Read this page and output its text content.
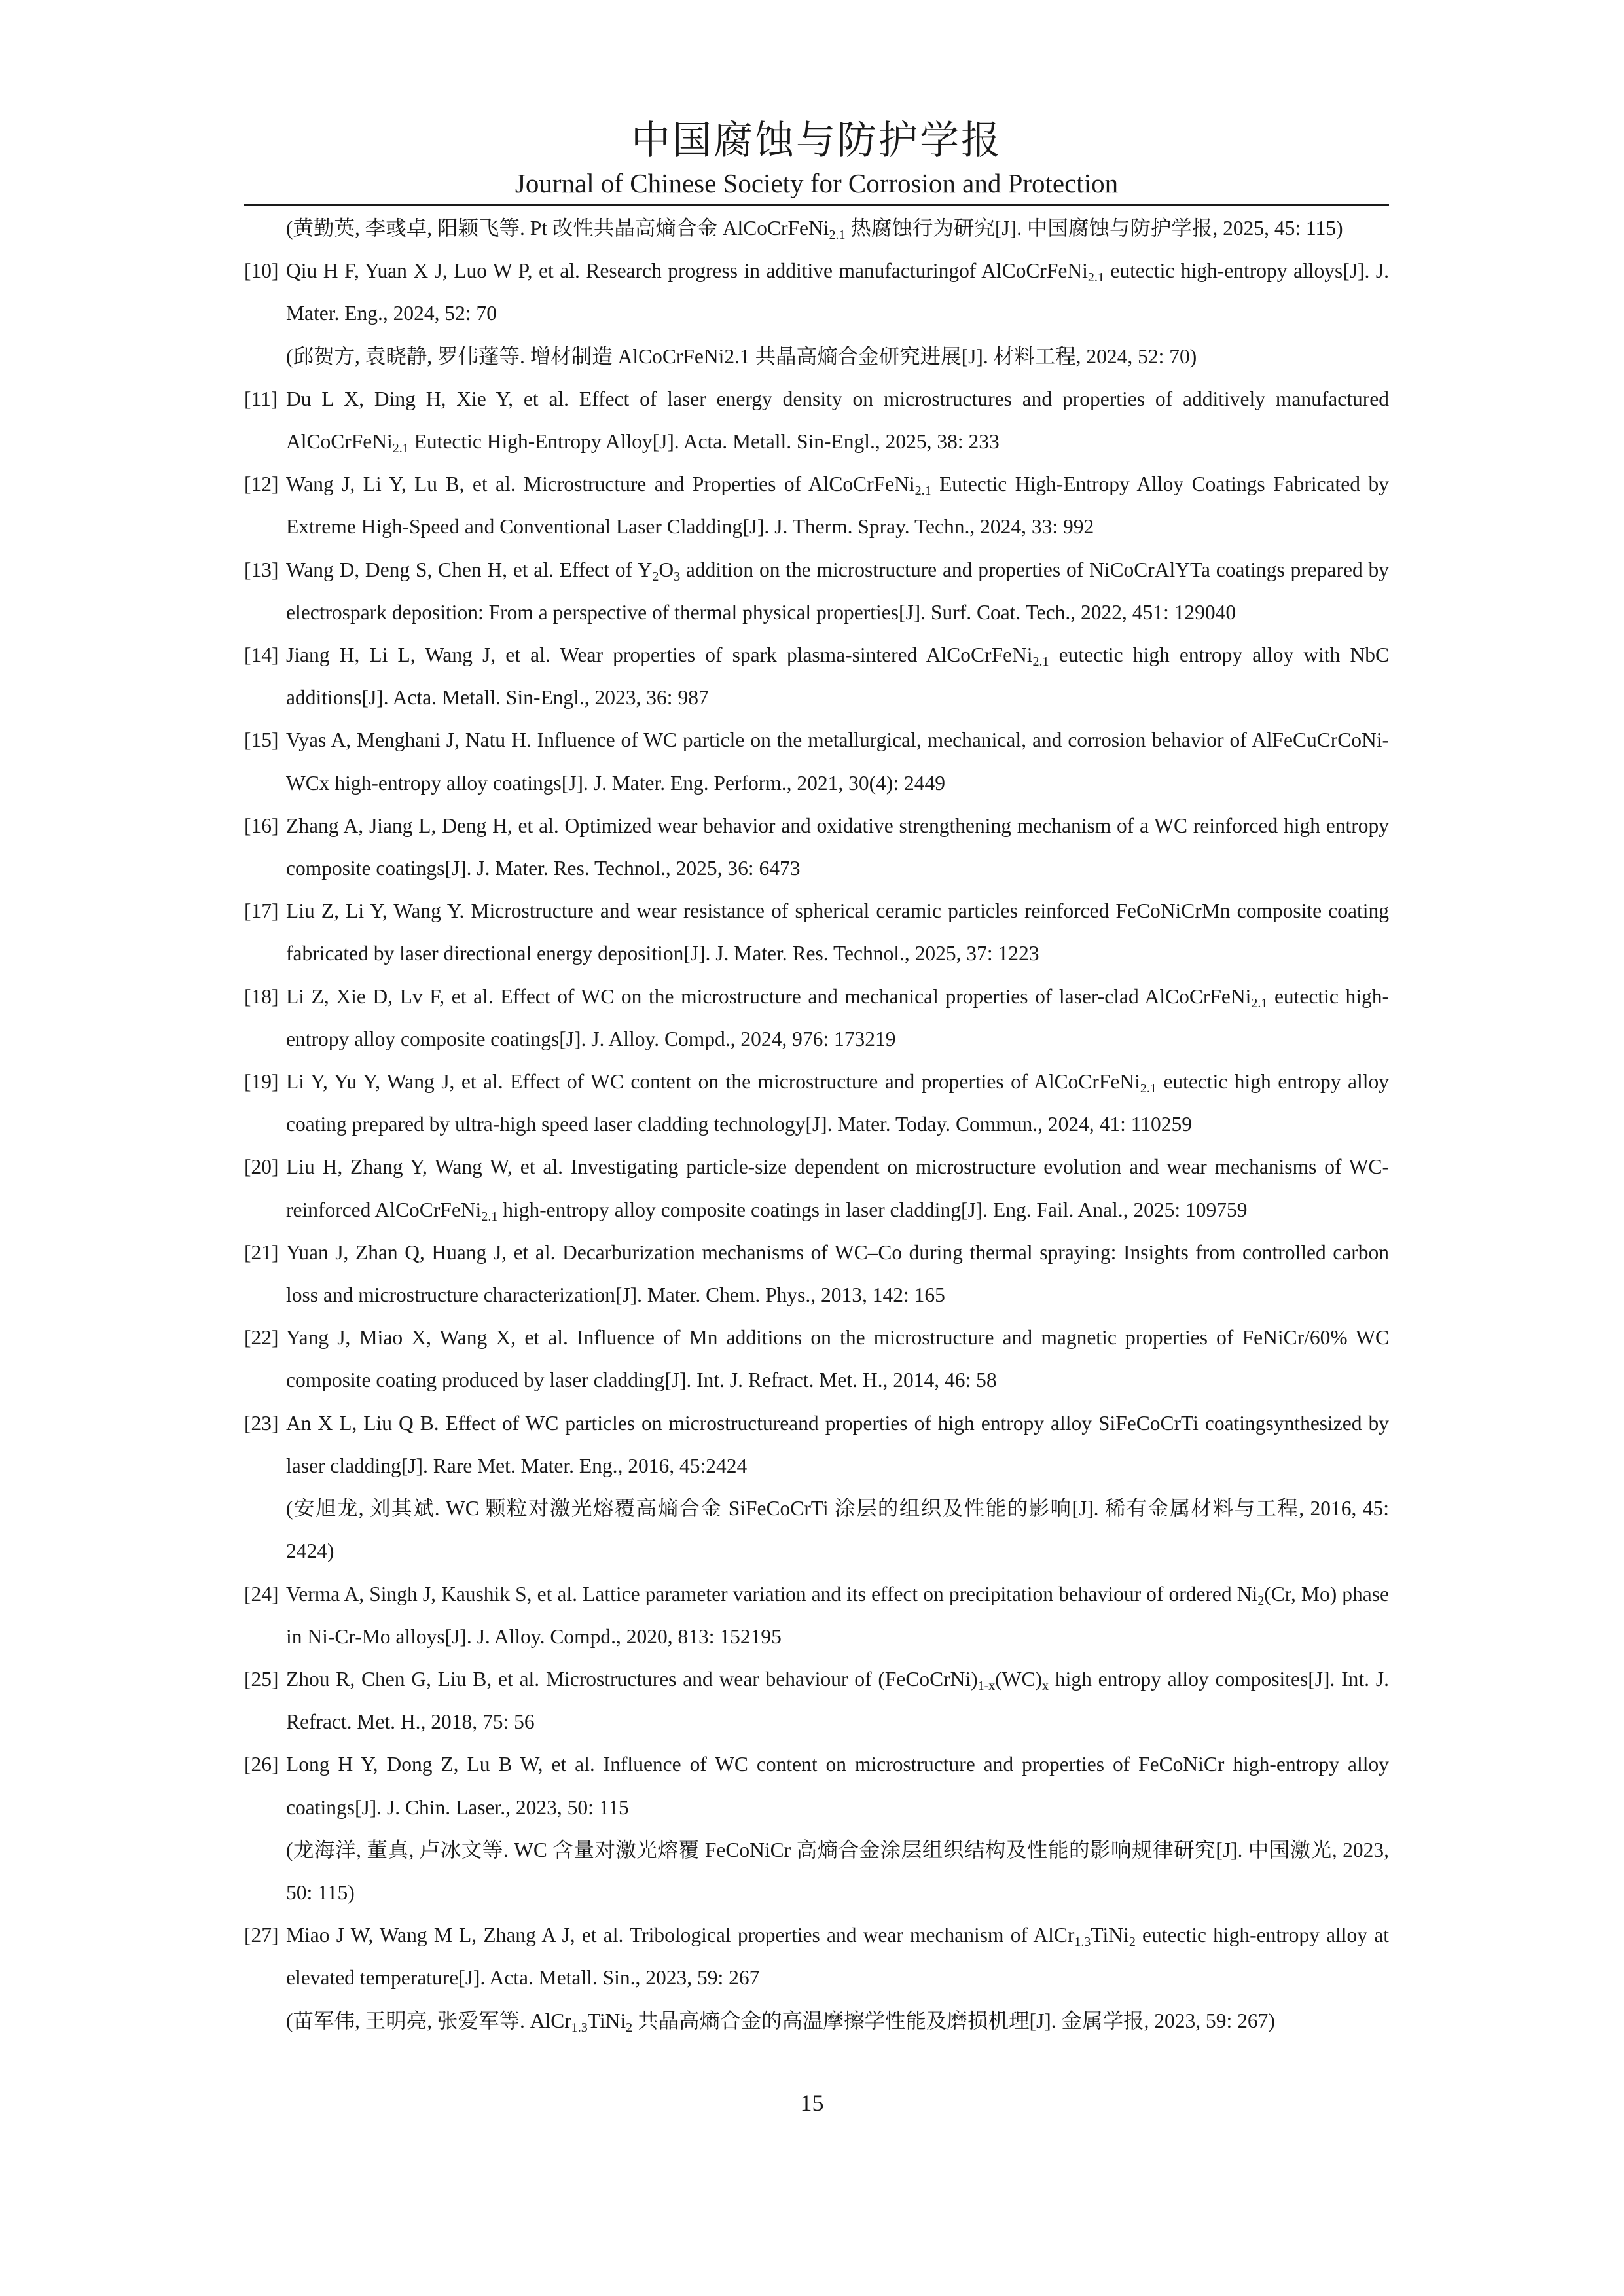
中国腐蚀与防护学报
Journal of Chinese Society for Corrosion and Protection
(黄勤英, 李彧卓, 阳颖飞等. Pt 改性共晶高熵合金 AlCoCrFeNi$_{2.1}$ 热腐蚀行为研究[J]. 中国腐蚀与防护学报, 2025, 45: 115)
[10] Qiu H F, Yuan X J, Luo W P, et al. Research progress in additive manufacturingof AlCoCrFeNi$_{2.1}$ eutectic high-entropy alloys[J]. J. Mater. Eng., 2024, 52: 70
(邱贺方, 袁晓静, 罗伟蓬等. 增材制造 AlCoCrFeNi2.1 共晶高熵合金研究进展[J]. 材料工程, 2024, 52: 70)
[11] Du L X, Ding H, Xie Y, et al. Effect of laser energy density on microstructures and properties of additively manufactured AlCoCrFeNi$_{2.1}$ Eutectic High-Entropy Alloy[J]. Acta. Metall. Sin-Engl., 2025, 38: 233
[12] Wang J, Li Y, Lu B, et al. Microstructure and Properties of AlCoCrFeNi$_{2.1}$ Eutectic High-Entropy Alloy Coatings Fabricated by Extreme High-Speed and Conventional Laser Cladding[J]. J. Therm. Spray. Techn., 2024, 33: 992
[13] Wang D, Deng S, Chen H, et al. Effect of $Y_2O_3$ addition on the microstructure and properties of NiCoCrAlYTa coatings prepared by electrospark deposition: From a perspective of thermal physical properties[J]. Surf. Coat. Tech., 2022, 451: 129040
[14] Jiang H, Li L, Wang J, et al. Wear properties of spark plasma-sintered AlCoCrFeNi$_{2.1}$ eutectic high entropy alloy with NbC additions[J]. Acta. Metall. Sin-Engl., 2023, 36: 987
[15] Vyas A, Menghani J, Natu H. Influence of WC particle on the metallurgical, mechanical, and corrosion behavior of AlFeCuCrCoNi-WCx high-entropy alloy coatings[J]. J. Mater. Eng. Perform., 2021, 30(4): 2449
[16] Zhang A, Jiang L, Deng H, et al. Optimized wear behavior and oxidative strengthening mechanism of a WC reinforced high entropy composite coatings[J]. J. Mater. Res. Technol., 2025, 36: 6473
[17] Liu Z, Li Y, Wang Y. Microstructure and wear resistance of spherical ceramic particles reinforced FeCoNiCrMn composite coating fabricated by laser directional energy deposition[J]. J. Mater. Res. Technol., 2025, 37: 1223
[18] Li Z, Xie D, Lv F, et al. Effect of WC on the microstructure and mechanical properties of laser-clad AlCoCrFeNi$_{2.1}$ eutectic high-entropy alloy composite coatings[J]. J. Alloy. Compd., 2024, 976: 173219
[19] Li Y, Yu Y, Wang J, et al. Effect of WC content on the microstructure and properties of AlCoCrFeNi$_{2.1}$ eutectic high entropy alloy coating prepared by ultra-high speed laser cladding technology[J]. Mater. Today. Commun., 2024, 41: 110259
[20] Liu H, Zhang Y, Wang W, et al. Investigating particle-size dependent on microstructure evolution and wear mechanisms of WC-reinforced AlCoCrFeNi$_{2.1}$ high-entropy alloy composite coatings in laser cladding[J]. Eng. Fail. Anal., 2025: 109759
[21] Yuan J, Zhan Q, Huang J, et al. Decarburization mechanisms of WC–Co during thermal spraying: Insights from controlled carbon loss and microstructure characterization[J]. Mater. Chem. Phys., 2013, 142: 165
[22] Yang J, Miao X, Wang X, et al. Influence of Mn additions on the microstructure and magnetic properties of FeNiCr/60% WC composite coating produced by laser cladding[J]. Int. J. Refract. Met. H., 2014, 46: 58
[23] An X L, Liu Q B. Effect of WC particles on microstructureand properties of high entropy alloy SiFeCoCrTi coatingsynthesized by laser cladding[J]. Rare Met. Mater. Eng., 2016, 45:2424
(安旭龙, 刘其斌. WC 颗粒对激光熔覆高熵合金 SiFeCoCrTi 涂层的组织及性能的影响[J]. 稀有金属材料与工程, 2016, 45: 2424)
[24] Verma A, Singh J, Kaushik S, et al. Lattice parameter variation and its effect on precipitation behaviour of ordered $Ni_2(Cr$, Mo) phase in Ni-Cr-Mo alloys[J]. J. Alloy. Compd., 2020, 813: 152195
[25] Zhou R, Chen G, Liu B, et al. Microstructures and wear behaviour of $(FeCoCrNi)_{1-x}(WC)_x$ high entropy alloy composites[J]. Int. J. Refract. Met. H., 2018, 75: 56
[26] Long H Y, Dong Z, Lu B W, et al. Influence of WC content on microstructure and properties of FeCoNiCr high-entropy alloy coatings[J]. J. Chin. Laser., 2023, 50: 115
(龙海洋, 董真, 卢冰文等. WC 含量对激光熔覆 FeCoNiCr 高熵合金涂层组织结构及性能的影响规律研究[J]. 中国激光, 2023, 50: 115)
[27] Miao J W, Wang M L, Zhang A J, et al. Tribological properties and wear mechanism of AlCr$_{1.3}$TiNi$_2$ eutectic high-entropy alloy at elevated temperature[J]. Acta. Metall. Sin., 2023, 59: 267
(苗军伟, 王明亮, 张爱军等. AlCr$_{1.3}$TiNi$_2$ 共晶高熵合金的高温摩擦学性能及磨损机理[J]. 金属学报, 2023, 59: 267)
15
